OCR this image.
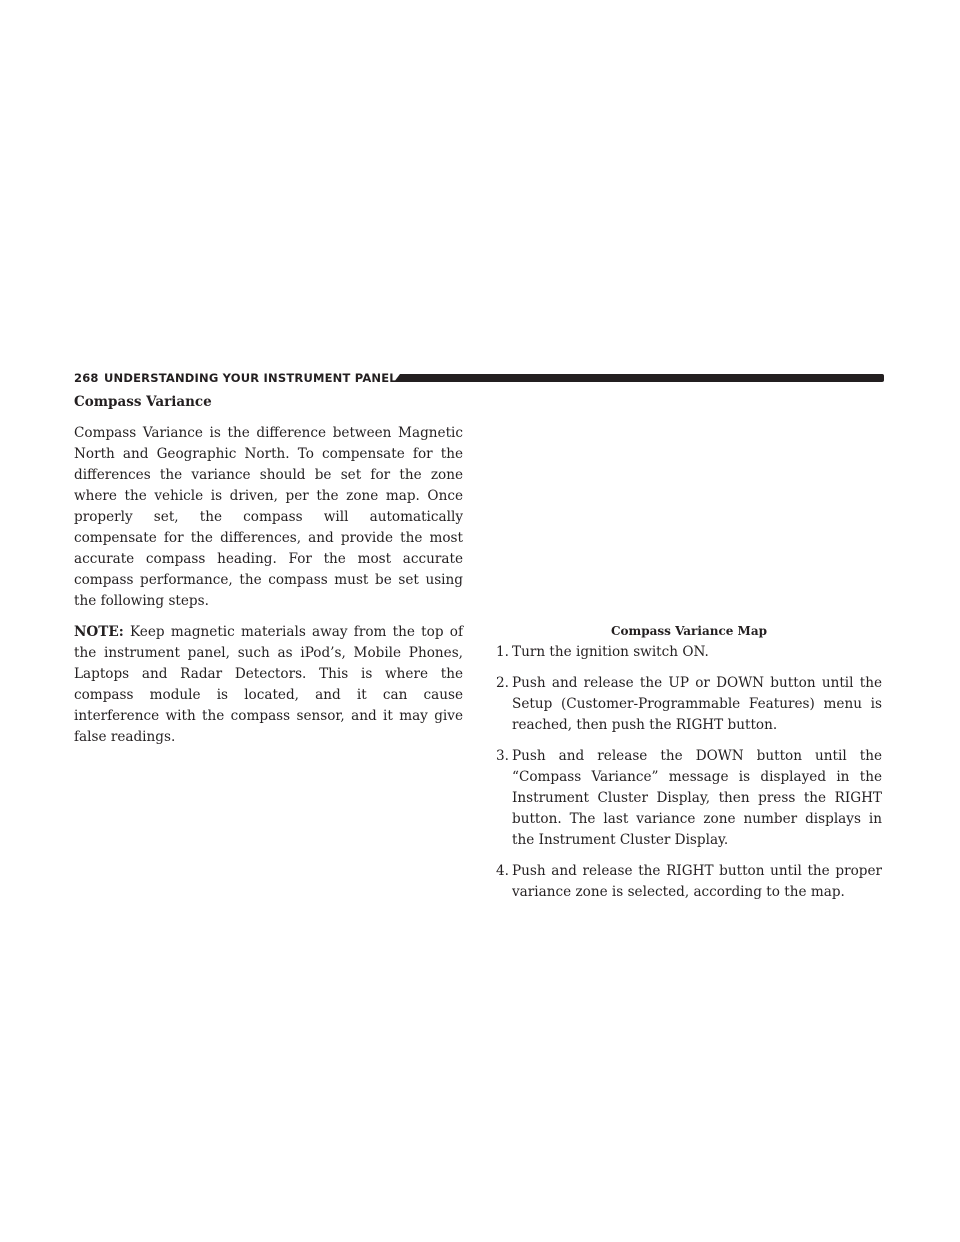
268 UNDERSTANDING YOUR INSTRUMENT PANEL
Compass Variance

Compass Variance is the difference between Magnetic North and Geographic North. To compensate for the differences the variance should be set for the zone where the vehicle is driven, per the zone map. Once properly set, the compass will automatically compensate for the differences, and provide the most accurate compass heading. For the most accurate compass performance, the compass must be set using the following steps.

NOTE: Keep magnetic materials away from the top of the instrument panel, such as iPod’s, Mobile Phones, Laptops and Radar Detectors. This is where the compass module is located, and it can cause interference with the compass sensor, and it may give false readings.

Compass Variance Map
1. Turn the ignition switch ON.
2. Push and release the UP or DOWN button until the Setup (Customer-Programmable Features) menu is reached, then push the RIGHT button.
3. Push and release the DOWN button until the “Compass Variance” message is displayed in the Instrument Cluster Display, then press the RIGHT button. The last variance zone number displays in the Instrument Cluster Display.
4. Push and release the RIGHT button until the proper variance zone is selected, according to the map.
